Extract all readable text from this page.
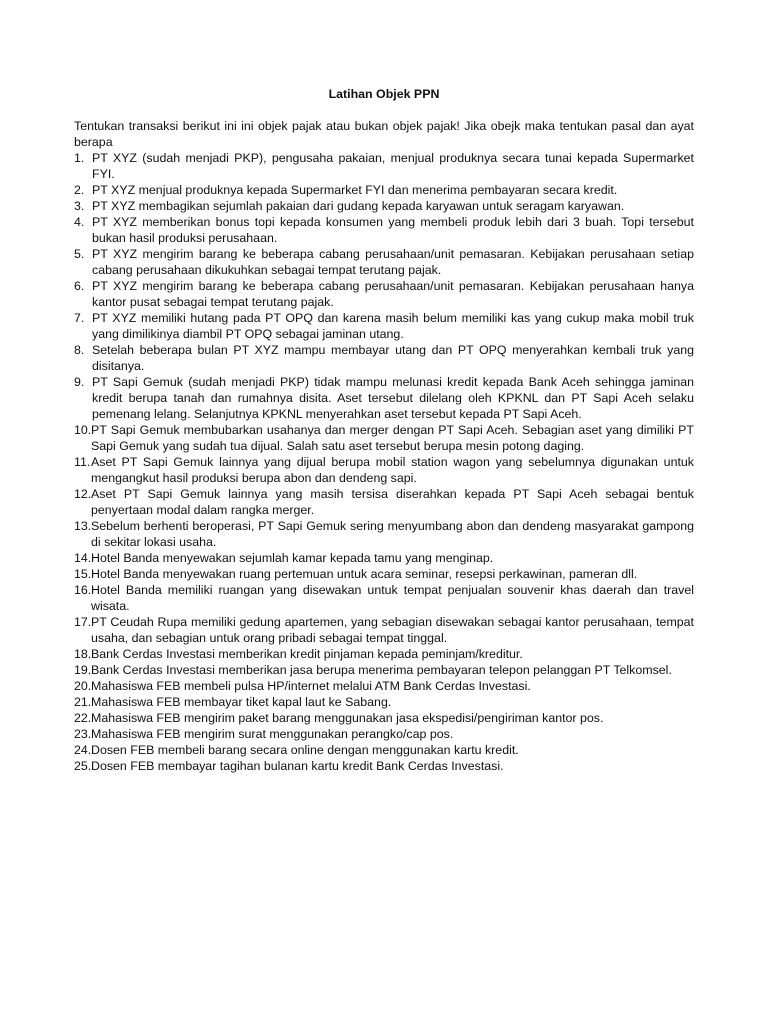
Latihan Objek PPN

Tentukan transaksi berikut ini ini objek pajak atau bukan objek pajak! Jika obejk maka tentukan pasal dan ayat berapa

1. PT XYZ (sudah menjadi PKP), pengusaha pakaian, menjual produknya secara tunai kepada Supermarket FYI.
2. PT XYZ menjual produknya kepada Supermarket FYI dan menerima pembayaran secara kredit.
3. PT XYZ membagikan sejumlah pakaian dari gudang kepada karyawan untuk seragam karyawan.
4. PT XYZ memberikan bonus topi kepada konsumen yang membeli produk lebih dari 3 buah. Topi tersebut bukan hasil produksi perusahaan.
5. PT XYZ mengirim barang ke beberapa cabang perusahaan/unit pemasaran. Kebijakan perusahaan setiap cabang perusahaan dikukuhkan sebagai tempat terutang pajak.
6. PT XYZ mengirim barang ke beberapa cabang perusahaan/unit pemasaran. Kebijakan perusahaan hanya kantor pusat sebagai tempat terutang pajak.
7. PT XYZ memiliki hutang pada PT OPQ dan karena masih belum memiliki kas yang cukup maka mobil truk yang dimilikinya diambil PT OPQ sebagai jaminan utang.
8. Setelah beberapa bulan PT XYZ mampu membayar utang dan PT OPQ menyerahkan kembali truk yang disitanya.
9. PT Sapi Gemuk (sudah menjadi PKP) tidak mampu melunasi kredit kepada Bank Aceh sehingga jaminan kredit berupa tanah dan rumahnya disita. Aset tersebut dilelang oleh KPKNL dan PT Sapi Aceh selaku pemenang lelang. Selanjutnya KPKNL menyerahkan aset tersebut kepada PT Sapi Aceh.
10. PT Sapi Gemuk membubarkan usahanya dan merger dengan PT Sapi Aceh. Sebagian aset yang dimiliki PT Sapi Gemuk yang sudah tua dijual. Salah satu aset tersebut berupa mesin potong daging.
11. Aset PT Sapi Gemuk lainnya yang dijual berupa mobil station wagon yang sebelumnya digunakan untuk mengangkut hasil produksi berupa abon dan dendeng sapi.
12. Aset PT Sapi Gemuk lainnya yang masih tersisa diserahkan kepada PT Sapi Aceh sebagai bentuk penyertaan modal dalam rangka merger.
13. Sebelum berhenti beroperasi, PT Sapi Gemuk sering menyumbang abon dan dendeng masyarakat gampong di sekitar lokasi usaha.
14. Hotel Banda menyewakan sejumlah kamar kepada tamu yang menginap.
15. Hotel Banda menyewakan ruang pertemuan untuk acara seminar, resepsi perkawinan, pameran dll.
16. Hotel Banda memiliki ruangan yang disewakan untuk tempat penjualan souvenir khas daerah dan travel wisata.
17. PT Ceudah Rupa memiliki gedung apartemen, yang sebagian disewakan sebagai kantor perusahaan, tempat usaha, dan sebagian untuk orang pribadi sebagai tempat tinggal.
18. Bank Cerdas Investasi memberikan kredit pinjaman kepada peminjam/kreditur.
19. Bank Cerdas Investasi memberikan jasa berupa menerima pembayaran telepon pelanggan PT Telkomsel.
20. Mahasiswa FEB membeli pulsa HP/internet melalui ATM Bank Cerdas Investasi.
21. Mahasiswa FEB membayar tiket kapal laut ke Sabang.
22. Mahasiswa FEB mengirim paket barang menggunakan jasa ekspedisi/pengiriman kantor pos.
23. Mahasiswa FEB mengirim surat menggunakan perangko/cap pos.
24. Dosen FEB membeli barang secara online dengan menggunakan kartu kredit.
25. Dosen FEB membayar tagihan bulanan kartu kredit Bank Cerdas Investasi.
